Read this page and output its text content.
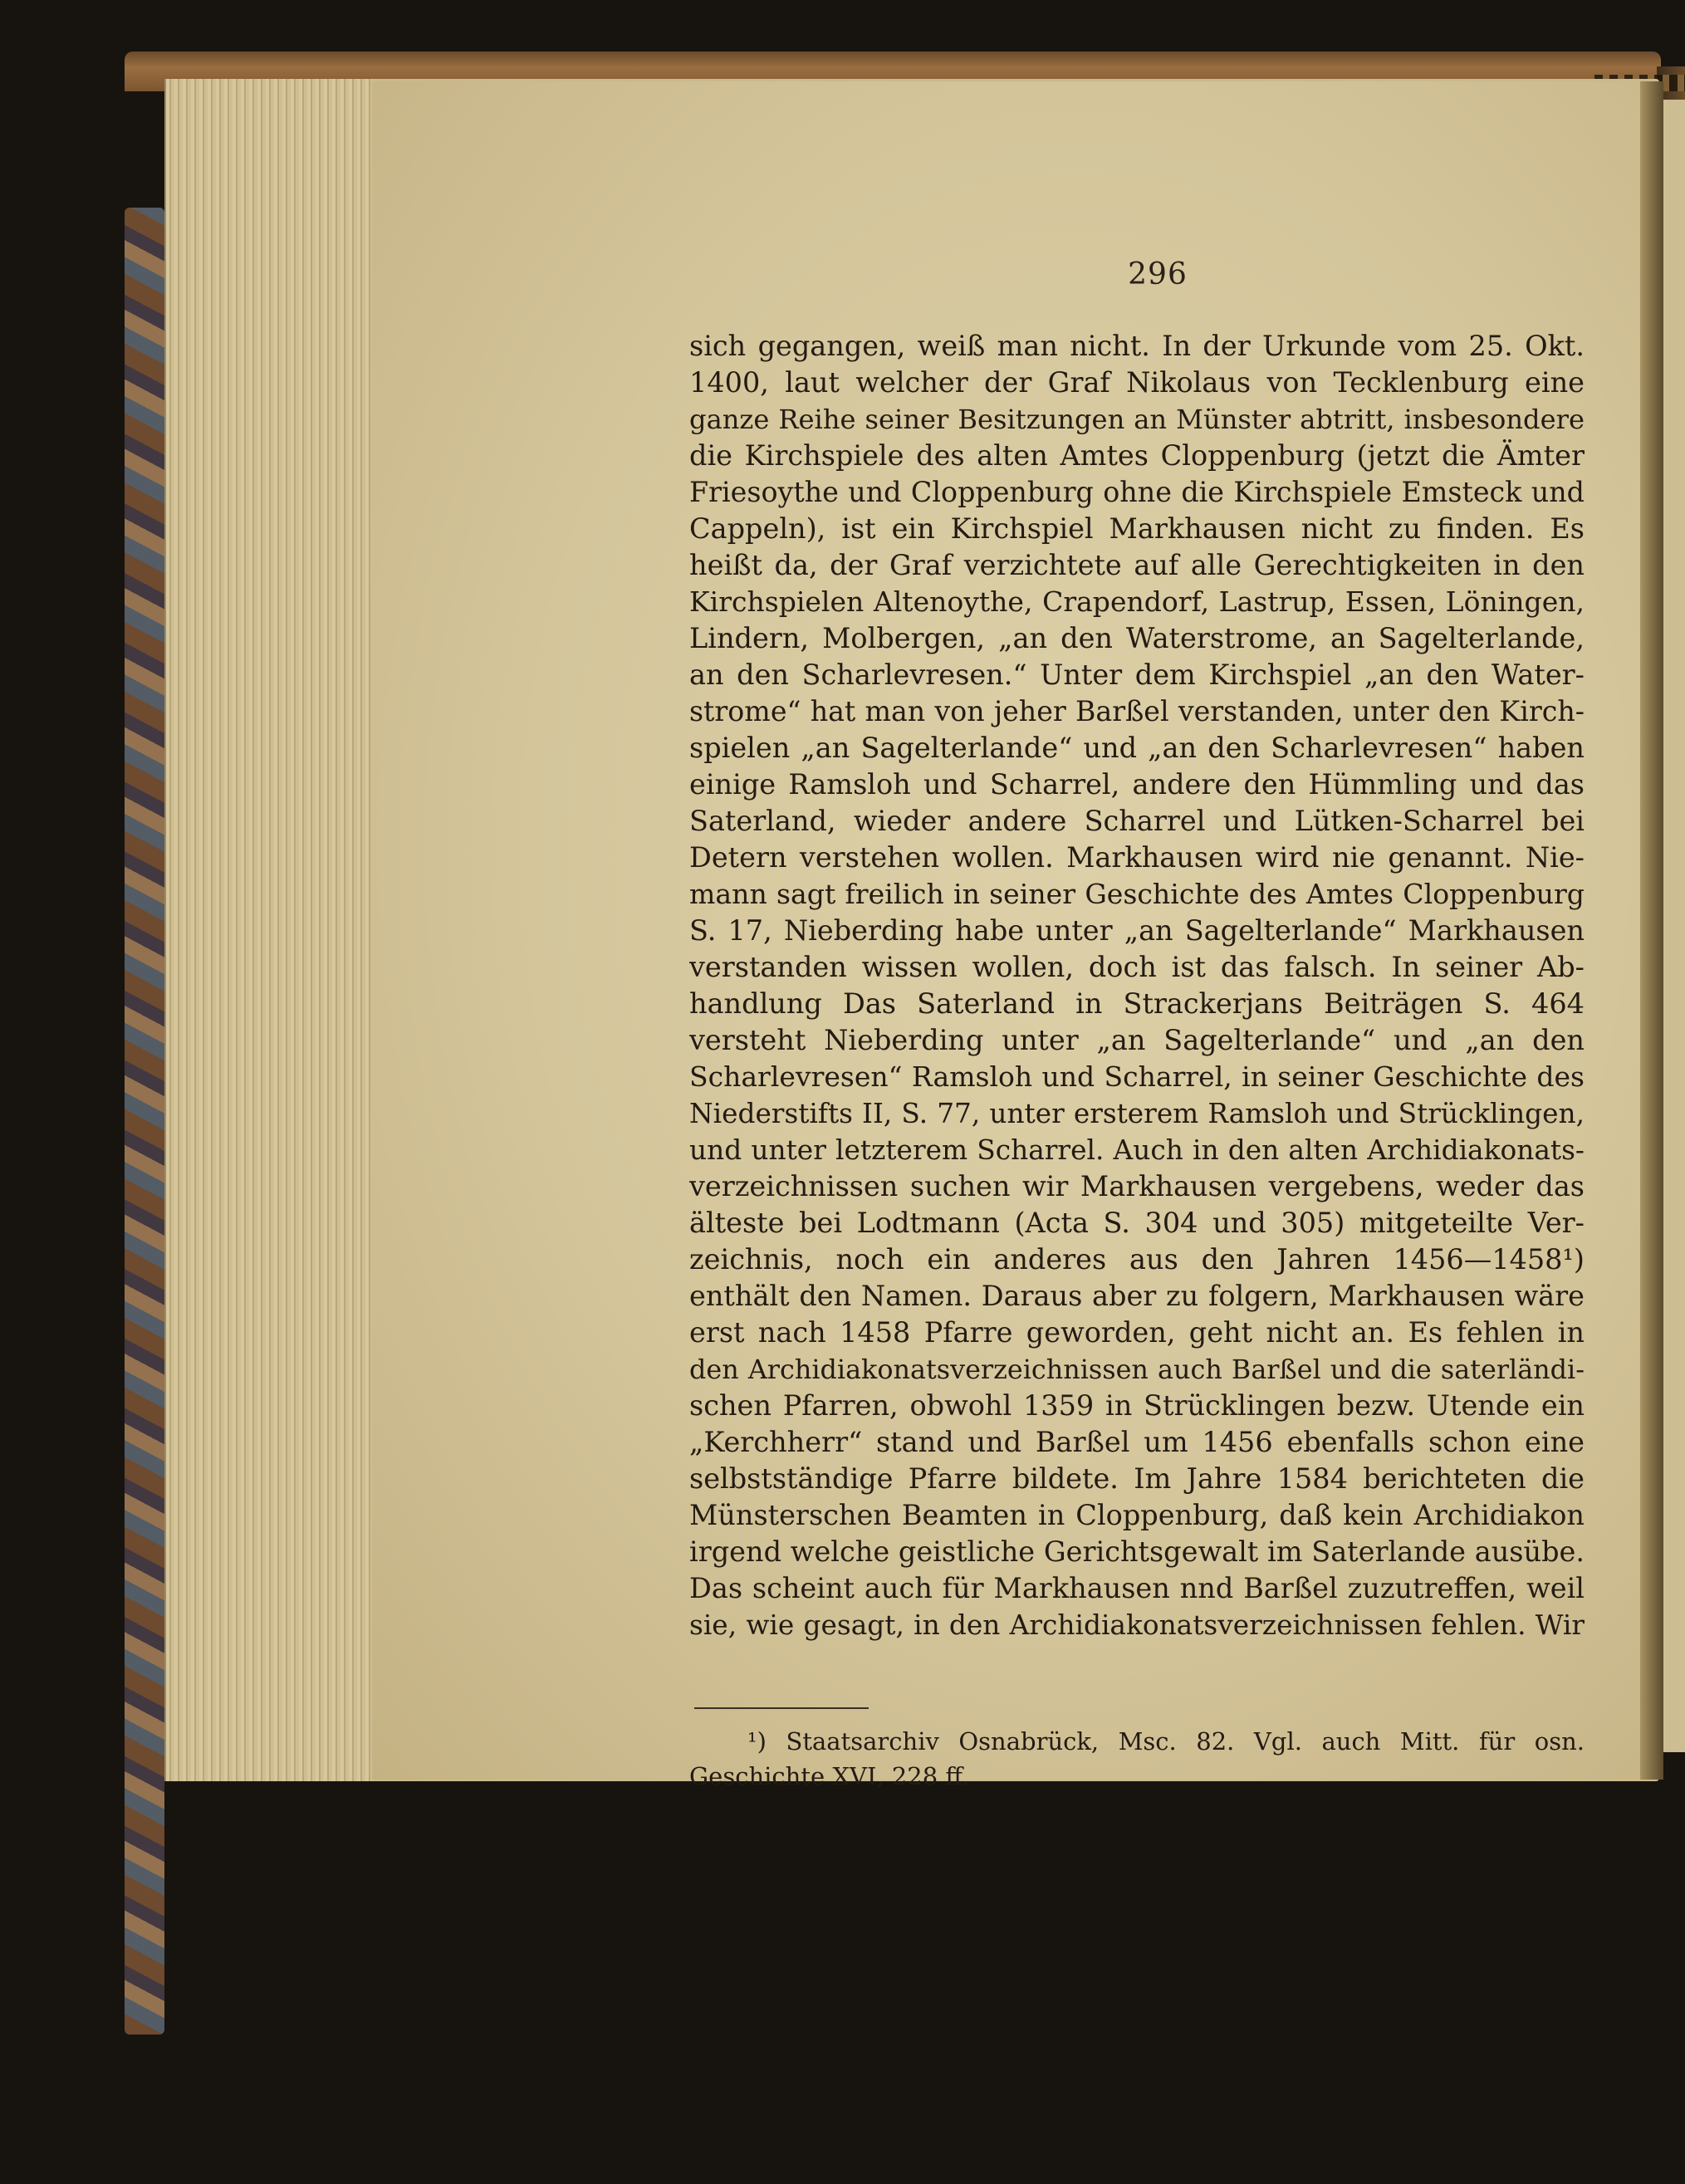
296
sich gegangen, weiß man nicht. In der Urkunde vom 25. Okt.
1400, laut welcher der Graf Nikolaus von Tecklenburg eine
ganze Reihe seiner Besitzungen an Münster abtritt, insbesondere
die Kirchspiele des alten Amtes Cloppenburg (jetzt die Ämter
Friesoythe und Cloppenburg ohne die Kirchspiele Emsteck und
Cappeln), ist ein Kirchspiel Markhausen nicht zu finden. Es
heißt da, der Graf verzichtete auf alle Gerechtigkeiten in den
Kirchspielen Altenoythe, Crapendorf, Lastrup, Essen, Löningen,
Lindern, Molbergen, „an den Waterstrome, an Sagelterlande,
an den Scharlevresen.“ Unter dem Kirchspiel „an den Water-
strome“ hat man von jeher Barßel verstanden, unter den Kirch-
spielen „an Sagelterlande“ und „an den Scharlevresen“ haben
einige Ramsloh und Scharrel, andere den Hümmling und das
Saterland, wieder andere Scharrel und Lütken-Scharrel bei
Detern verstehen wollen. Markhausen wird nie genannt. Nie-
mann sagt freilich in seiner Geschichte des Amtes Cloppenburg
S. 17, Nieberding habe unter „an Sagelterlande“ Markhausen
verstanden wissen wollen, doch ist das falsch. In seiner Ab-
handlung Das Saterland in Strackerjans Beiträgen S. 464
versteht Nieberding unter „an Sagelterlande“ und „an den
Scharlevresen“ Ramsloh und Scharrel, in seiner Geschichte des
Niederstifts II, S. 77, unter ersterem Ramsloh und Strücklingen,
und unter letzterem Scharrel. Auch in den alten Archidiakonats-
verzeichnissen suchen wir Markhausen vergebens, weder das
älteste bei Lodtmann (Acta S. 304 und 305) mitgeteilte Ver-
zeichnis, noch ein anderes aus den Jahren 1456—1458¹)
enthält den Namen. Daraus aber zu folgern, Markhausen wäre
erst nach 1458 Pfarre geworden, geht nicht an. Es fehlen in
den Archidiakonatsverzeichnissen auch Barßel und die saterländi-
schen Pfarren, obwohl 1359 in Strücklingen bezw. Utende ein
„Kerchherr“ stand und Barßel um 1456 ebenfalls schon eine
selbstständige Pfarre bildete. Im Jahre 1584 berichteten die
Münsterschen Beamten in Cloppenburg, daß kein Archidiakon
irgend welche geistliche Gerichtsgewalt im Saterlande ausübe.
Das scheint auch für Markhausen nnd Barßel zuzutreffen, weil
sie, wie gesagt, in den Archidiakonatsverzeichnissen fehlen. Wir
¹) Staatsarchiv Osnabrück, Msc. 82. Vgl. auch Mitt. für osn.
Geschichte XVI, 228 ff.
